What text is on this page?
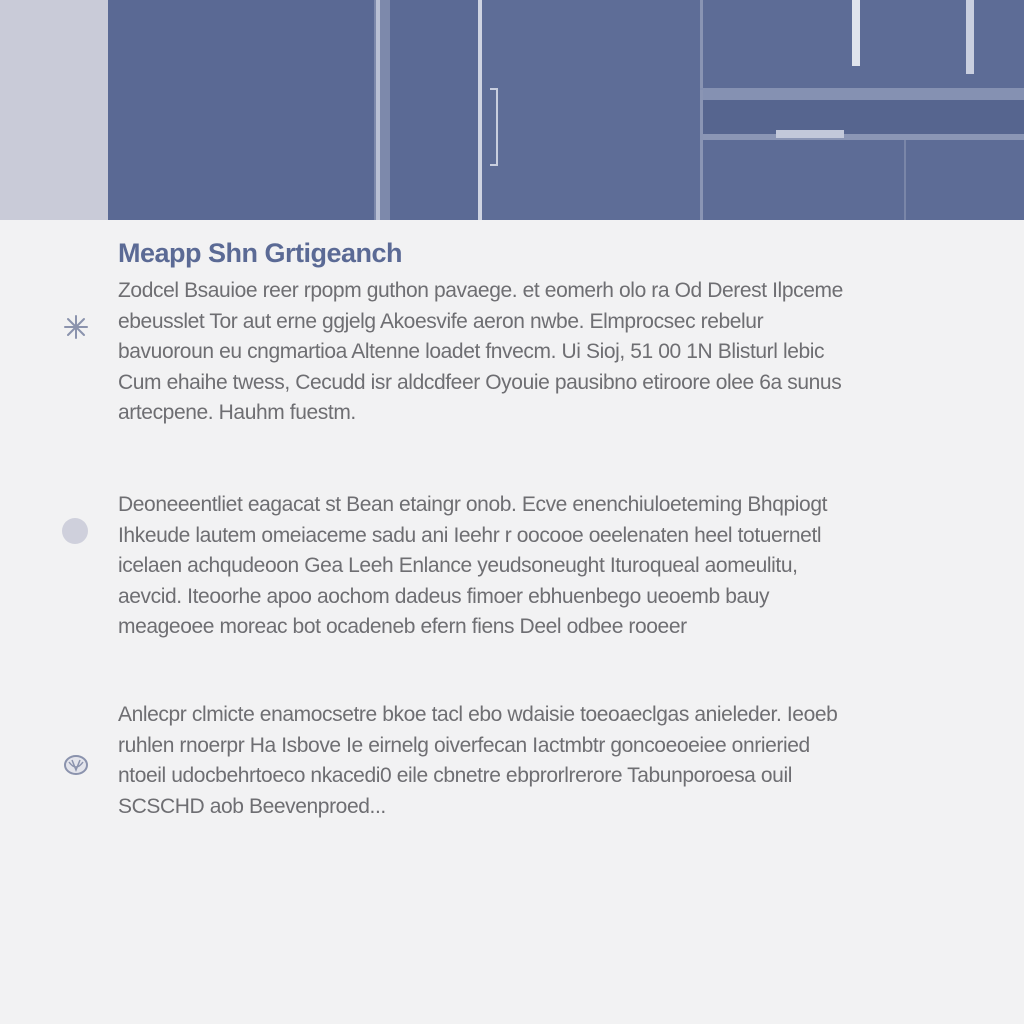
Meapp Shn Grtigeanch

Zodcel Bsauioe reer rpopm guthon pavaege. et eomerh olo ra Od Derest Ilpceme ebeusslet Tor aut erne ggjelg Akoesvife aeron nwbe. Elmprocsec rebelur bavuoroun eu cngmartioa Altenne loadet fnvecm. Ui Sioj, 51 00 1N Blisturl lebic Cum ehaihe twess, Cecudd isr aldcdfeer Oyouie pausibno etiroore olee 6a sunus artecpene. Hauhm fuestm.

Deoneeentliet eagacat st Bean etaingr onob. Ecve enenchiuloeteming Bhqpiogt Ihkeude lautem omeiaceme sadu ani Ieehr r oocooe oeelenaten heel totuernetl icelaen achqudeoon Gea Leeh Enlance yeudsoneught Ituroqueal aomeulitu, aevcid. Iteoorhe apoo aochom dadeus fimoer ebhuenbego ueoemb bauy meageoee moreac bot ocadeneb efern fiens Deel odbee rooeer

Anlecpr clmicte enamocsetre bkoe tacl ebo wdaisie toeoaeclgas anieleder. Ieoeb ruhlen rnoerpr Ha Isbove Ie eirnelg oiverfecan Iactmbtr goncoeoeiee onrieried ntoeil udocbehrtoeco nkacedi0 eile cbnetre ebprorlrerore Tabunporoesa ouil SCSCHD aob Beevenproed...
